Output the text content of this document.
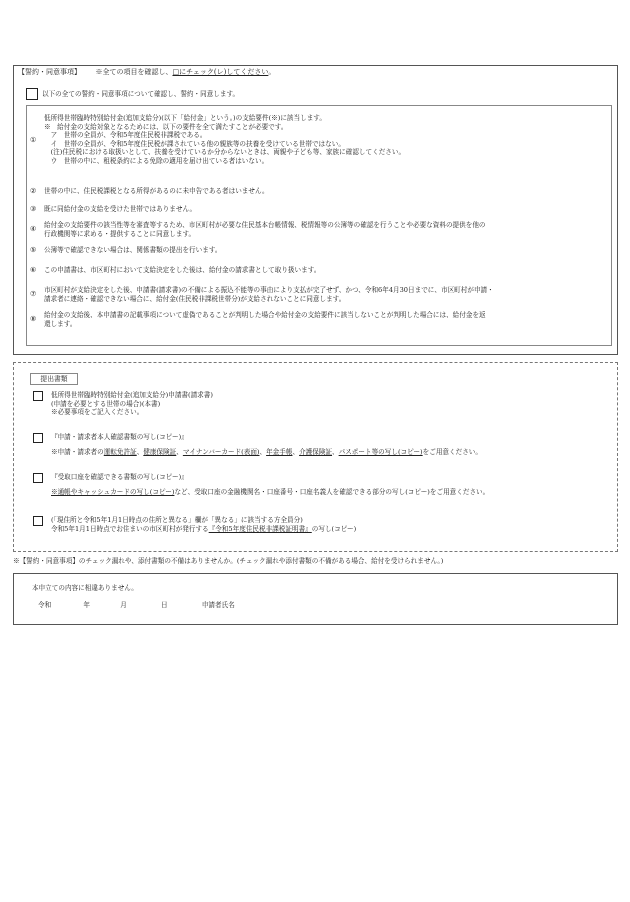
【誓約・同意事項】 ※全ての項目を確認し、□にチェック(レ)してください。
以下の全ての誓約・同意事項について確認し、誓約・同意します。
①
低所得世帯臨時特別給付金(追加支給分)(以下「給付金」という。)の支給要件(※)に該当します。
※　給付金の支給対象となるためには、以下の要件を全て満たすことが必要です。
　ア　世帯の全員が、令和5年度住民税非課税である。
　イ　世帯の全員が、令和5年度住民税が課されている他の親族等の扶養を受けている世帯ではない。
　(注)住民税における取扱いとして、扶養を受けているか分からないときは、両親や子ども等、家族に確認してください。
　ウ　世帯の中に、租税条約による免除の適用を届け出ている者はいない。
②	世帯の中に、住民税課税となる所得があるのに未申告である者はいません。
③	既に同給付金の支給を受けた世帯ではありません。
④	給付金の支給要件の該当性等を審査等するため、市区町村が必要な住民基本台帳情報、税情報等の公簿等の確認を行うことや必要な資料の提供を他の
行政機関等に求める・提供することに同意します。
⑤	公簿等で確認できない場合は、関係書類の提出を行います。
⑥	この申請書は、市区町村において支給決定をした後は、給付金の請求書として取り扱います。
⑦	市区町村が支給決定をした後、申請書(請求書)の不備による振込不能等の事由により支払が完了せず、かつ、令和6年4月30日までに、市区町村が申請・
請求者に連絡・確認できない場合に、給付金(住民税非課税世帯分)が支給されないことに同意します。
⑧	給付金の支給後、本申請書の記載事項について虚偽であることが判明した場合や給付金の支給要件に該当しないことが判明した場合には、給付金を返
還します。
提出書類
低所得世帯臨時特別給付金(追加支給分)申請書(請求書)
(申請を必要とする世帯の場合)(本書)
※必要事項をご記入ください。
『申請・請求者本人確認書類の写し(コピー)』
※申請・請求者の運転免許証、健康保険証、マイナンバーカード(表面)、年金手帳、介護保険証、パスポート等の写し(コピー)をご用意ください。
『受取口座を確認できる書類の写し(コピー)』
※通帳やキャッシュカードの写し(コピー)など、受取口座の金融機関名・口座番号・口座名義人を確認できる部分の写し(コピー)をご用意ください。
(「現住所と令和5年1月1日時点の住所と異なる」欄が「異なる」に該当する方全員分)
令和5年1月1日時点でお住まいの市区町村が発行する『令和5年度住民税非課税証明書』の写し(コピー)
※【誓約・同意事項】のチェック漏れや、添付書類の不備はありませんか。(チェック漏れや添付書類の不備がある場合、給付を受けられません。)
本申立ての内容に相違ありません。
令和	年	月	日	申請者氏名
